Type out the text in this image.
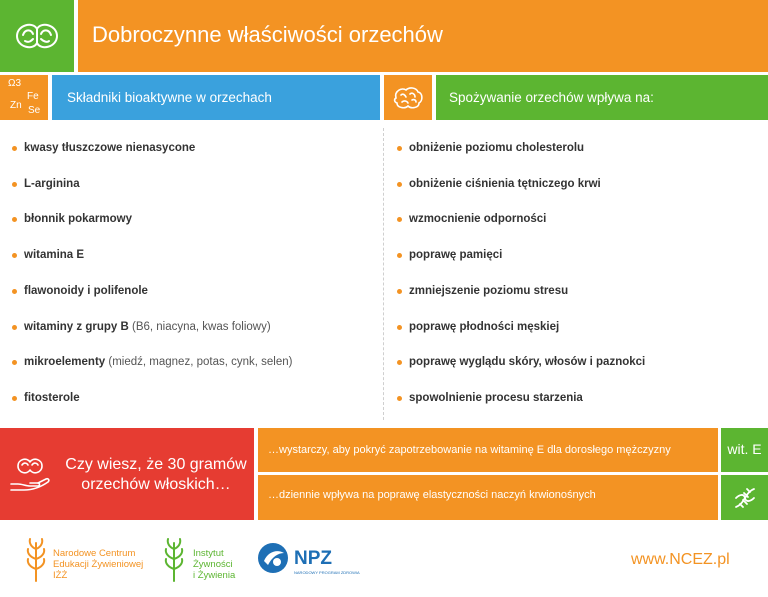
Dobroczynne właściwości orzechów
Ω3
Fe
Zn Se
Składniki bioaktywne w orzechach	Spożywanie orzechów wpływa na:
kwasy tłuszczowe nienasycone
L-arginina
błonnik pokarmowy
witamina E
flawonoidy i polifenole
witaminy z grupy B (B6, niacyna, kwas foliowy)
mikroelementy (miedź, magnez, potas, cynk, selen)
fitosterole
obniżenie poziomu cholesterolu
obniżenie ciśnienia tętniczego krwi
wzmocnienie odporności
poprawę pamięci
zmniejszenie poziomu stresu
poprawę płodności męskiej
poprawę wyglądu skóry, włosów i paznokci
spowolnienie procesu starzenia
Czy wiesz, że 30 gramów
orzechów włoskich…
…wystarczy, aby pokryć zapotrzebowanie na witaminę E dla dorosłego mężczyzny	wit. E
…dziennie wpływa na poprawę elastyczności naczyń krwionośnych
Narodowe Centrum
Edukacji Żywieniowej
IŻŻ
Instytut
Żywności
i Żywienia
NPZ
NARODOWY PROGRAM ZDROWIA
www.NCEZ.pl
